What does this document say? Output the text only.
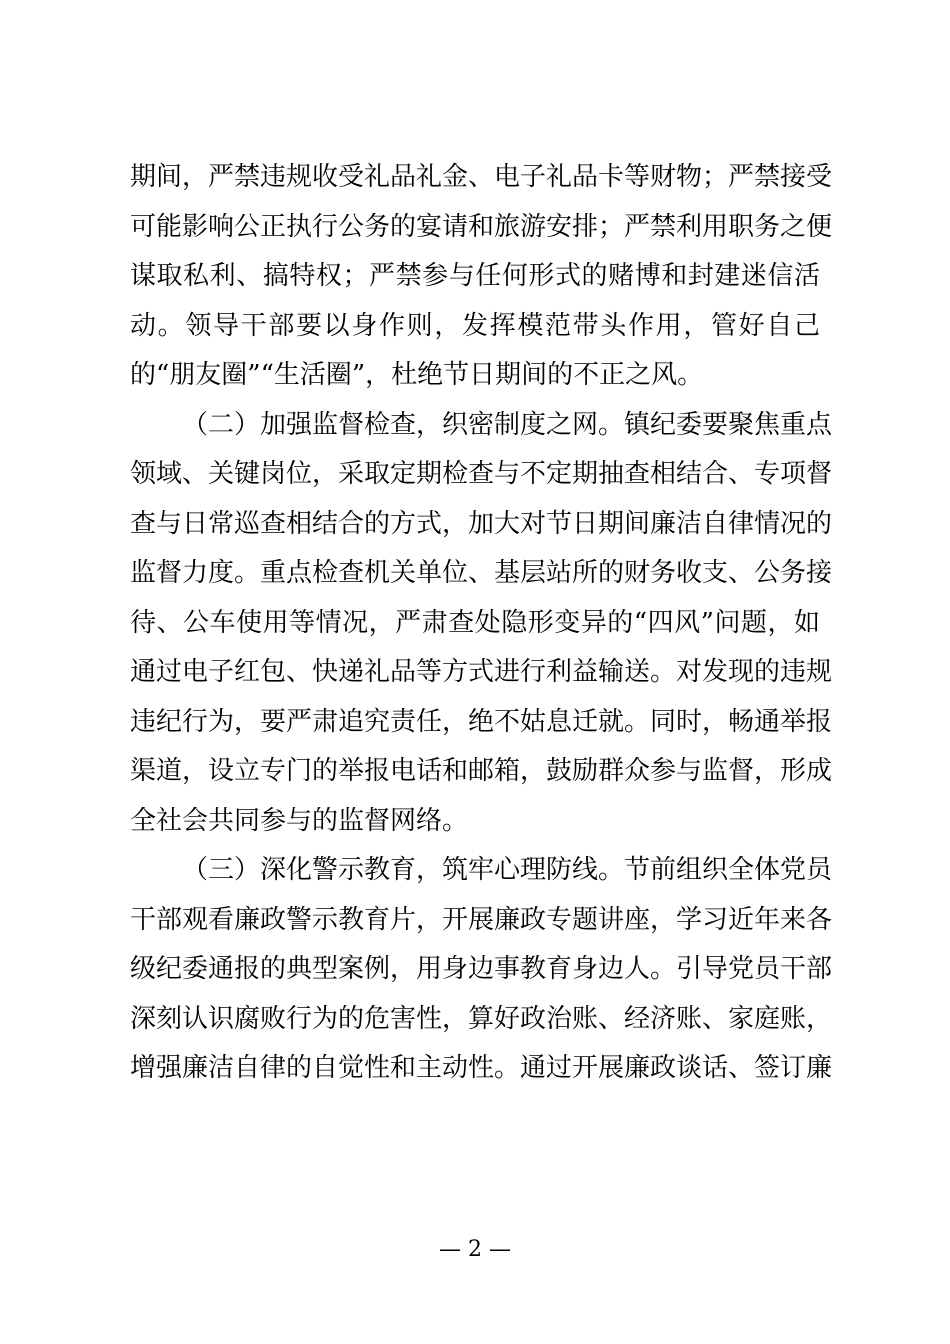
期间，严禁违规收受礼品礼金、电子礼品卡等财物；严禁接受
可能影响公正执行公务的宴请和旅游安排；严禁利用职务之便
谋取私利、搞特权；严禁参与任何形式的赌博和封建迷信活
动。领导干部要以身作则，发挥模范带头作用，管好自己
的“朋友圈”“生活圈”，杜绝节日期间的不正之风。
（二）加强监督检查，织密制度之网。镇纪委要聚焦重点
领域、关键岗位，采取定期检查与不定期抽查相结合、专项督
查与日常巡查相结合的方式，加大对节日期间廉洁自律情况的
监督力度。重点检查机关单位、基层站所的财务收支、公务接
待、公车使用等情况，严肃查处隐形变异的“四风”问题，如
通过电子红包、快递礼品等方式进行利益输送。对发现的违规
违纪行为，要严肃追究责任，绝不姑息迁就。同时，畅通举报
渠道，设立专门的举报电话和邮箱，鼓励群众参与监督，形成
全社会共同参与的监督网络。
（三）深化警示教育，筑牢心理防线。节前组织全体党员
干部观看廉政警示教育片，开展廉政专题讲座，学习近年来各
级纪委通报的典型案例，用身边事教育身边人。引导党员干部
深刻认识腐败行为的危害性，算好政治账、经济账、家庭账，
增强廉洁自律的自觉性和主动性。通过开展廉政谈话、签订廉
— 2 —
